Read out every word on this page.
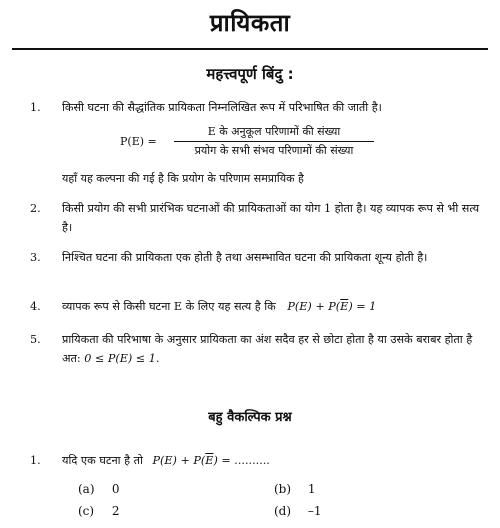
प्रायिकता
महत्त्वपूर्ण बिंदु :
1.	किसी घटना की सैद्धांतिक प्रायिकता निम्नलिखित रूप में परिभाषित की जाती है।
P(E) =
E के अनुकूल परिणामों की संख्या
प्रयोग के सभी संभव परिणामों की संख्या
यहाँ यह कल्पना की गई है कि प्रयोग के परिणाम समप्रायिक है
2.	किसी प्रयोग की सभी प्रारंभिक घटनाओं की प्रायिकताओं का योग 1 होता है। यह व्यापक रूप से भी सत्य है।
3.	निश्चित घटना की प्रायिकता एक होती है तथा असम्भावित घटना की प्रायिकता शून्य होती है।
4.	व्यापक रूप से किसी घटना E के लिए यह सत्य है कि $P(E) + P(\overline{E}) = 1$
5.	प्रायिकता की परिभाषा के अनुसार प्रायिकता का अंश सदैव हर से छोटा होता है या उसके बराबर होता है अत: 0 ≤ P(E) ≤ 1.
बहु वैकल्पिक प्रश्न
1.	यदि एक घटना है तो $P(E) + P(\overline{E})$ = ..........
(a) 0	(b) 1
(c) 2	(d) –1
